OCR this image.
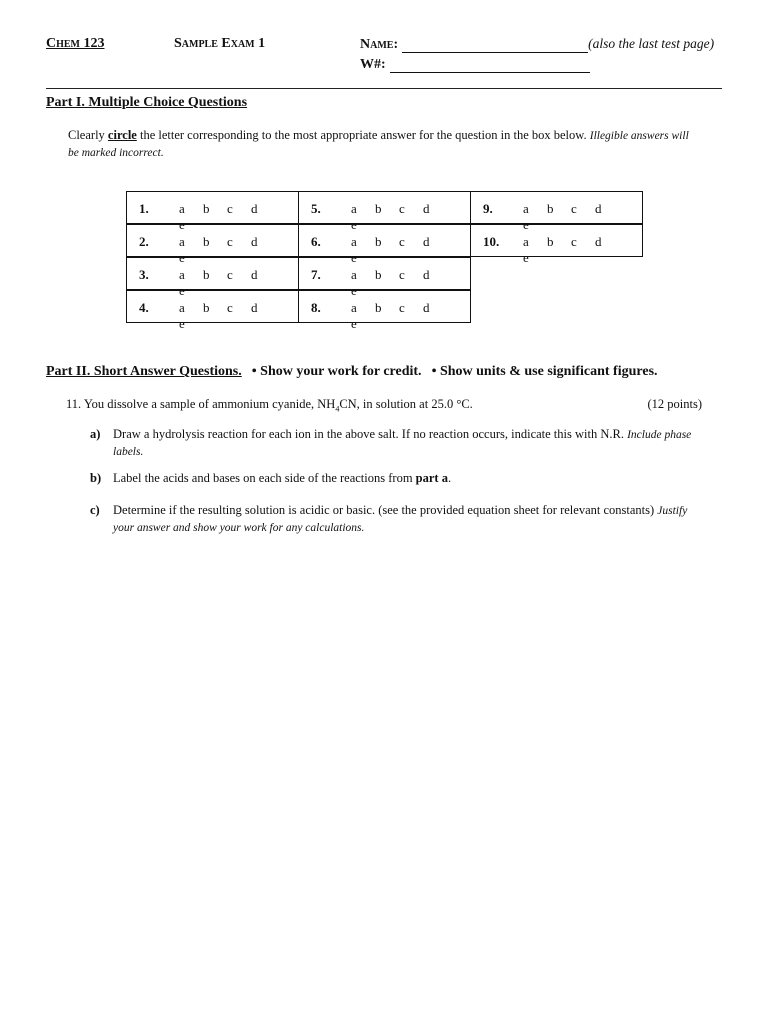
Chem 123	Sample Exam 1	Name:	(also the last test page)
W#:
Part I. Multiple Choice Questions
Clearly circle the letter corresponding to the most appropriate answer for the question in the box below. Illegible answers will be marked incorrect.
1. a b c de
2. a b c de
3. a b c de
4. a b c de
5. a b c de
6. a b c de
7. a b c de
8. a b c de
9. a b c de
10. a b c de
Part II. Short Answer Questions. • Show your work for credit. • Show units & use significant figures.
11. You dissolve a sample of ammonium cyanide, $NH_4CN$, in solution at 25.0 °C.	(12 points)
a) Draw a hydrolysis reaction for each ion in the above salt. If no reaction occurs, indicate this with N.R. Include phase labels.
b) Label the acids and bases on each side of the reactions from part a.
c) Determine if the resulting solution is acidic or basic. (see the provided equation sheet for relevant constants) Justify your answer and show your work for any calculations.
